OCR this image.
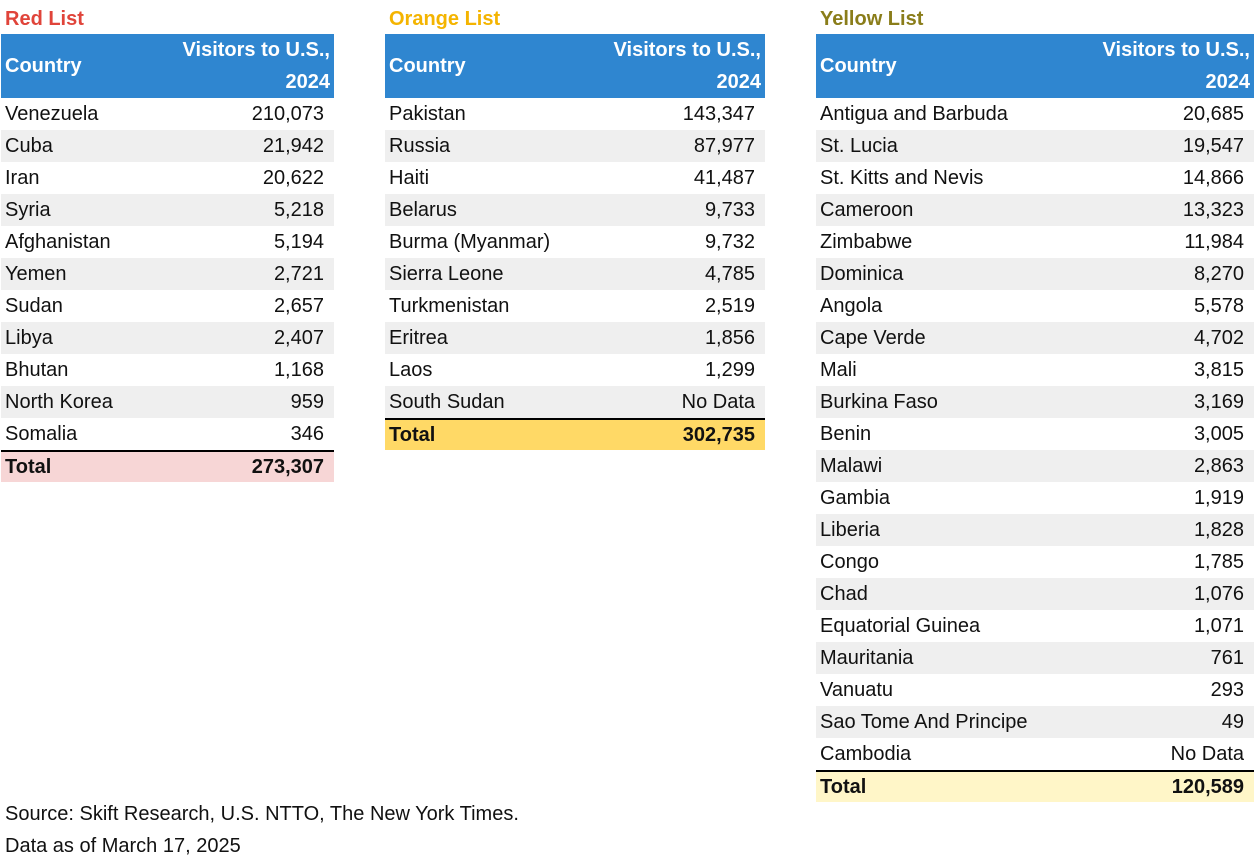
Red List
Country
Visitors to U.S.,
2024
Venezuela	210,073
Cuba	21,942
Iran	20,622
Syria	5,218
Afghanistan	5,194
Yemen	2,721
Sudan	2,657
Libya	2,407
Bhutan	1,168
North Korea	959
Somalia	346
Total	273,307
Orange List
Country
Visitors to U.S.,
2024
Pakistan	143,347
Russia	87,977
Haiti	41,487
Belarus	9,733
Burma (Myanmar)	9,732
Sierra Leone	4,785
Turkmenistan	2,519
Eritrea	1,856
Laos	1,299
South Sudan	No Data
Total	302,735
Yellow List
Country
Visitors to U.S.,
2024
Antigua and Barbuda	20,685
St. Lucia	19,547
St. Kitts and Nevis	14,866
Cameroon	13,323
Zimbabwe	11,984
Dominica	8,270
Angola	5,578
Cape Verde	4,702
Mali	3,815
Burkina Faso	3,169
Benin	3,005
Malawi	2,863
Gambia	1,919
Liberia	1,828
Congo	1,785
Chad	1,076
Equatorial Guinea	1,071
Mauritania	761
Vanuatu	293
Sao Tome And Principe	49
Cambodia	No Data
Total	120,589
Source: Skift Research, U.S. NTTO, The New York Times.
Data as of March 17, 2025
